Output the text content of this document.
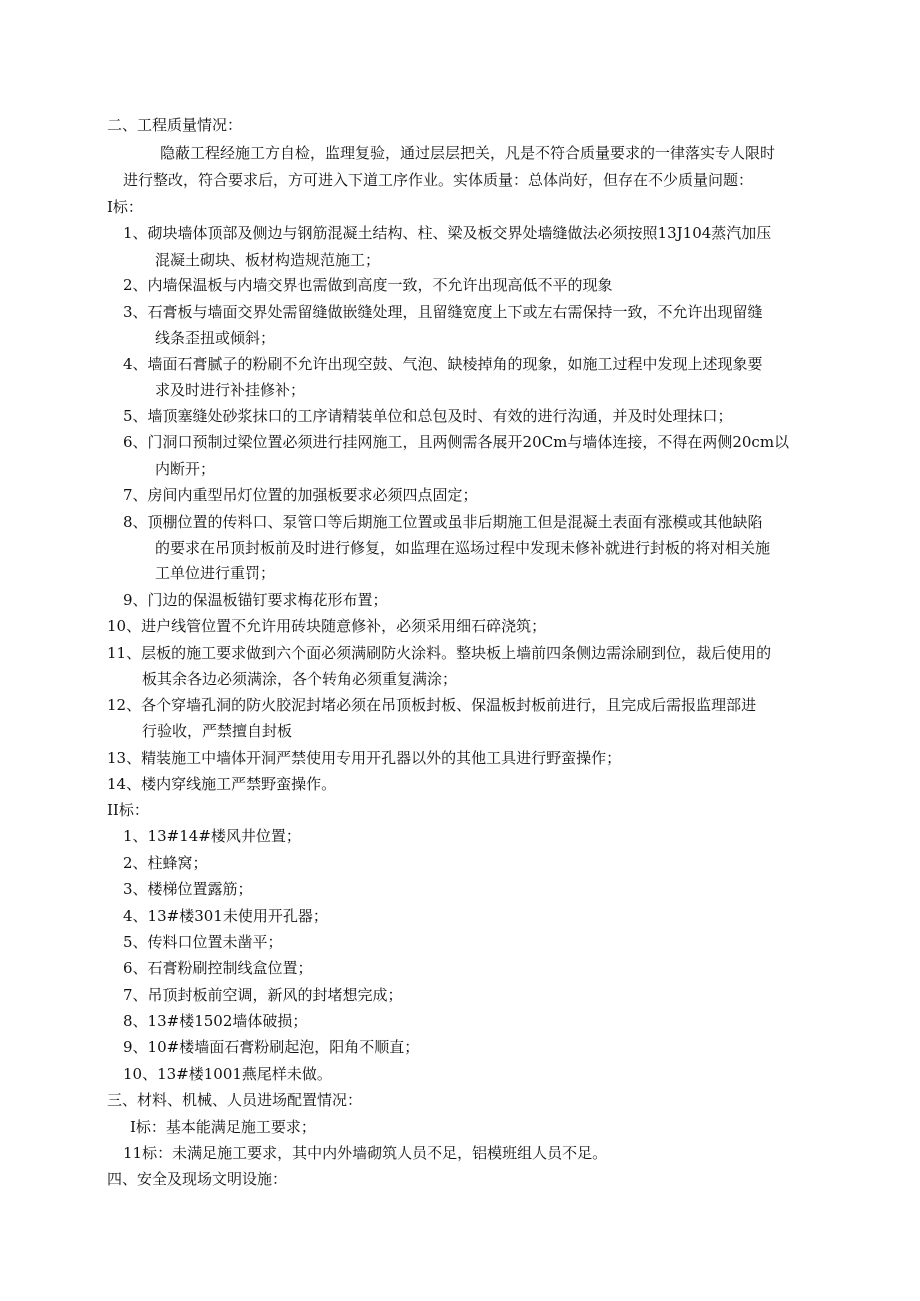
二、工程质量情况：
隐蔽工程经施工方自检，监理复验，通过层层把关，凡是不符合质量要求的一律落实专人限时
进行整改，符合要求后，方可进入下道工序作业。实体质量：总体尚好，但存在不少质量问题：
I标：
1、砌块墙体顶部及侧边与钢筋混凝土结构、柱、梁及板交界处墙缝做法必须按照13J104蒸汽加压
混凝土砌块、板材构造规范施工；
2、内墙保温板与内墙交界也需做到高度一致，不允许出现高低不平的现象
3、石膏板与墙面交界处需留缝做嵌缝处理，且留缝宽度上下或左右需保持一致，不允许出现留缝
线条歪扭或倾斜；
4、墙面石膏腻子的粉刷不允许出现空鼓、气泡、缺棱掉角的现象，如施工过程中发现上述现象要
求及时进行补挂修补；
5、墙顶塞缝处砂浆抹口的工序请精装单位和总包及时、有效的进行沟通，并及时处理抹口；
6、门洞口预制过梁位置必须进行挂网施工，且两侧需各展开20Cm与墙体连接，不得在两侧20cm以
内断开；
7、房间内重型吊灯位置的加强板要求必须四点固定；
8、顶棚位置的传料口、泵管口等后期施工位置或虽非后期施工但是混凝土表面有涨模或其他缺陷
的要求在吊顶封板前及时进行修复，如监理在巡场过程中发现未修补就进行封板的将对相关施
工单位进行重罚；
9、门边的保温板锚钉要求梅花形布置；
10、进户线管位置不允许用砖块随意修补，必须采用细石碎浇筑；
11、层板的施工要求做到六个面必须满刷防火涂料。整块板上墙前四条侧边需涂刷到位，裁后使用的
板其余各边必须满涂，各个转角必须重复满涂；
12、各个穿墙孔洞的防火胶泥封堵必须在吊顶板封板、保温板封板前进行，且完成后需报监理部进
行验收，严禁擅自封板
13、精装施工中墙体开洞严禁使用专用开孔器以外的其他工具进行野蛮操作；
14、楼内穿线施工严禁野蛮操作。
II标：
1、13#14#楼风井位置；
2、柱蜂窝；
3、楼梯位置露筋；
4、13#楼301未使用开孔器；
5、传料口位置未凿平；
6、石膏粉刷控制线盒位置；
7、吊顶封板前空调，新风的封堵想完成；
8、13#楼1502墙体破损；
9、10#楼墙面石膏粉刷起泡，阳角不顺直；
10、13#楼1001燕尾样未做。
三、材料、机械、人员进场配置情况：
I标：基本能满足施工要求；
11标：未满足施工要求，其中内外墙砌筑人员不足，铝模班组人员不足。
四、安全及现场文明设施：
